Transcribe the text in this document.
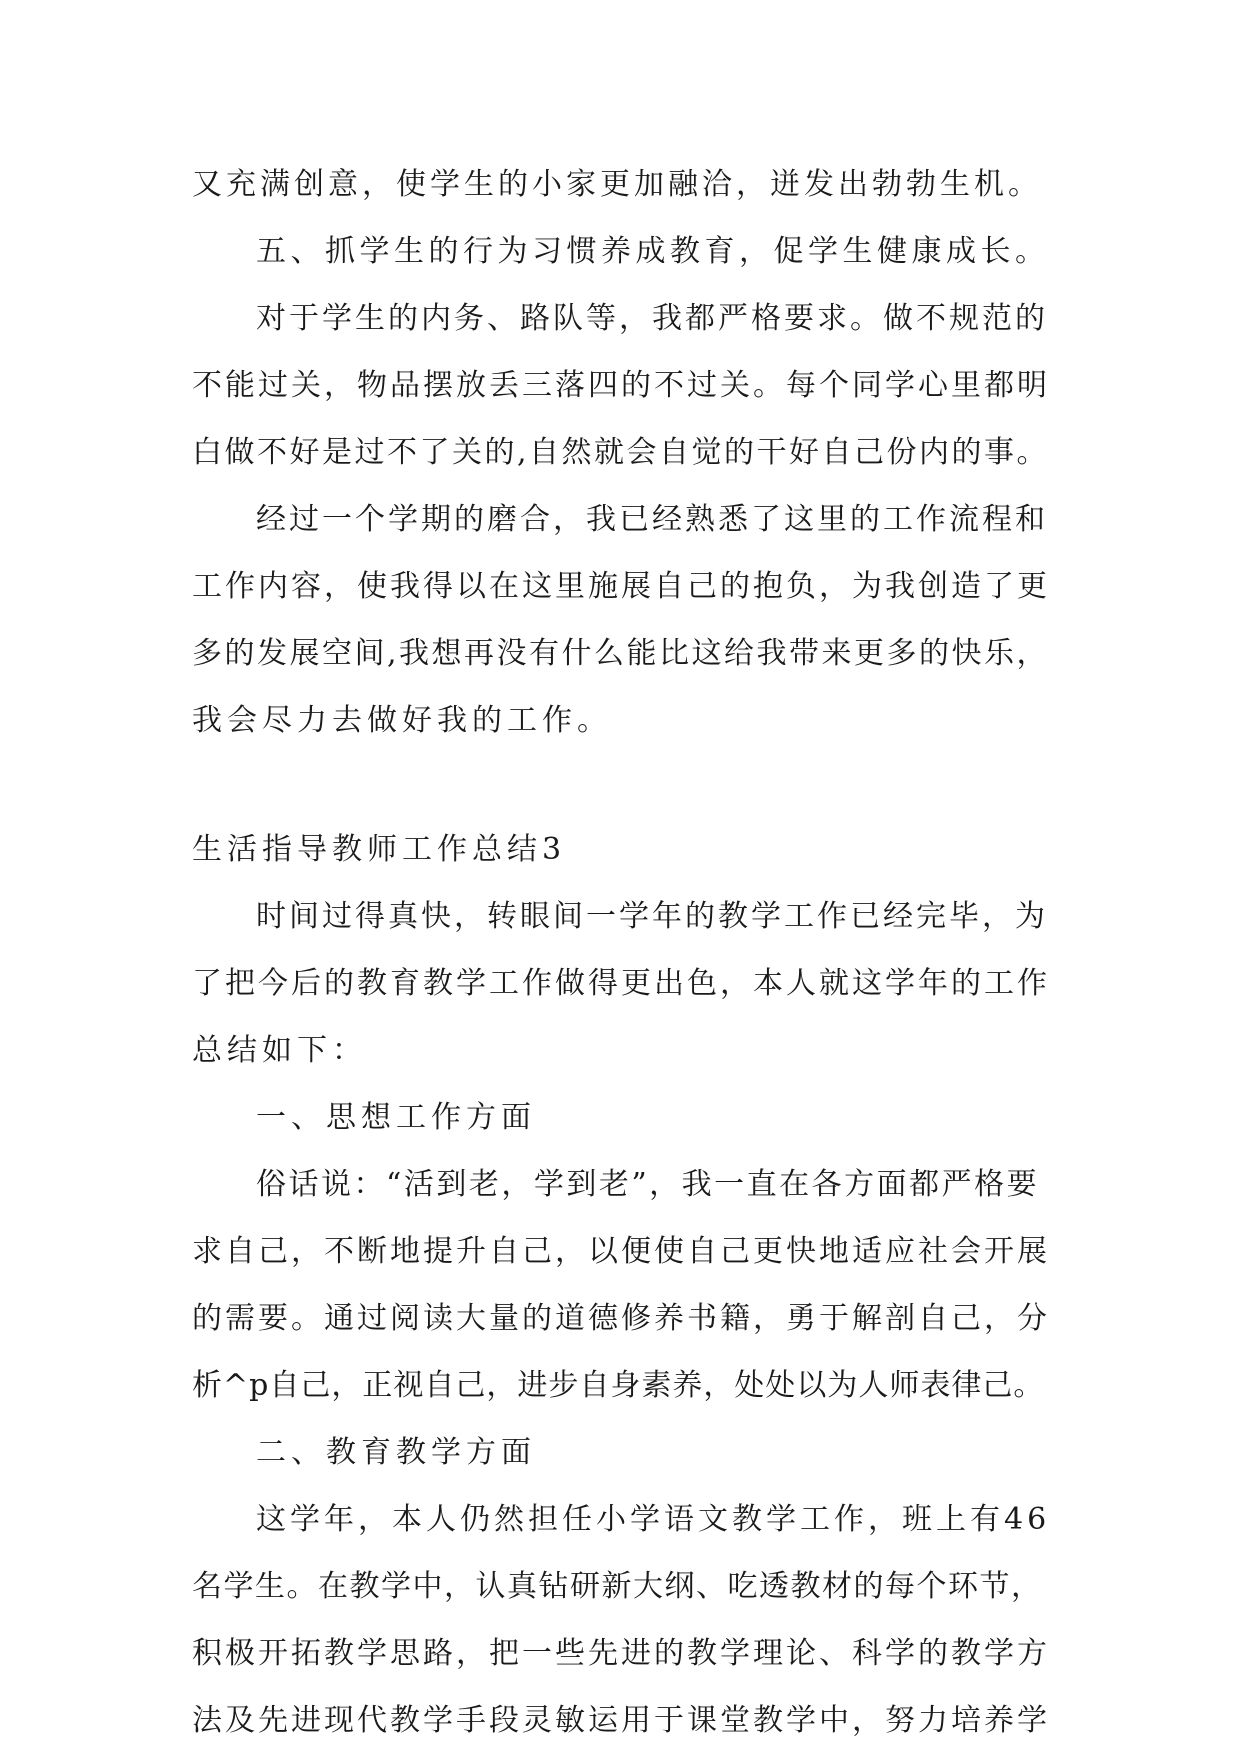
又充满创意，使学生的小家更加融洽，迸发出勃勃生机。
五、抓学生的行为习惯养成教育，促学生健康成长。
对于学生的内务、路队等，我都严格要求。做不规范的
不能过关，物品摆放丢三落四的不过关。每个同学心里都明
白做不好是过不了关的,自然就会自觉的干好自己份内的事。
经过一个学期的磨合，我已经熟悉了这里的工作流程和
工作内容，使我得以在这里施展自己的抱负，为我创造了更
多的发展空间,我想再没有什么能比这给我带来更多的快乐，
我会尽力去做好我的工作。
生活指导教师工作总结3
时间过得真快，转眼间一学年的教学工作已经完毕，为
了把今后的教育教学工作做得更出色，本人就这学年的工作
总结如下：
一、思想工作方面
俗话说：“活到老，学到老”，我一直在各方面都严格要
求自己，不断地提升自己，以便使自己更快地适应社会开展
的需要。通过阅读大量的道德修养书籍，勇于解剖自己，分
析^p自己，正视自己，进步自身素养，处处以为人师表律己。
二、教育教学方面
这学年，本人仍然担任小学语文教学工作，班上有46
名学生。在教学中，认真钻研新大纲、吃透教材的每个环节，
积极开拓教学思路，把一些先进的教学理论、科学的教学方
法及先进现代教学手段灵敏运用于课堂教学中，努力培养学
